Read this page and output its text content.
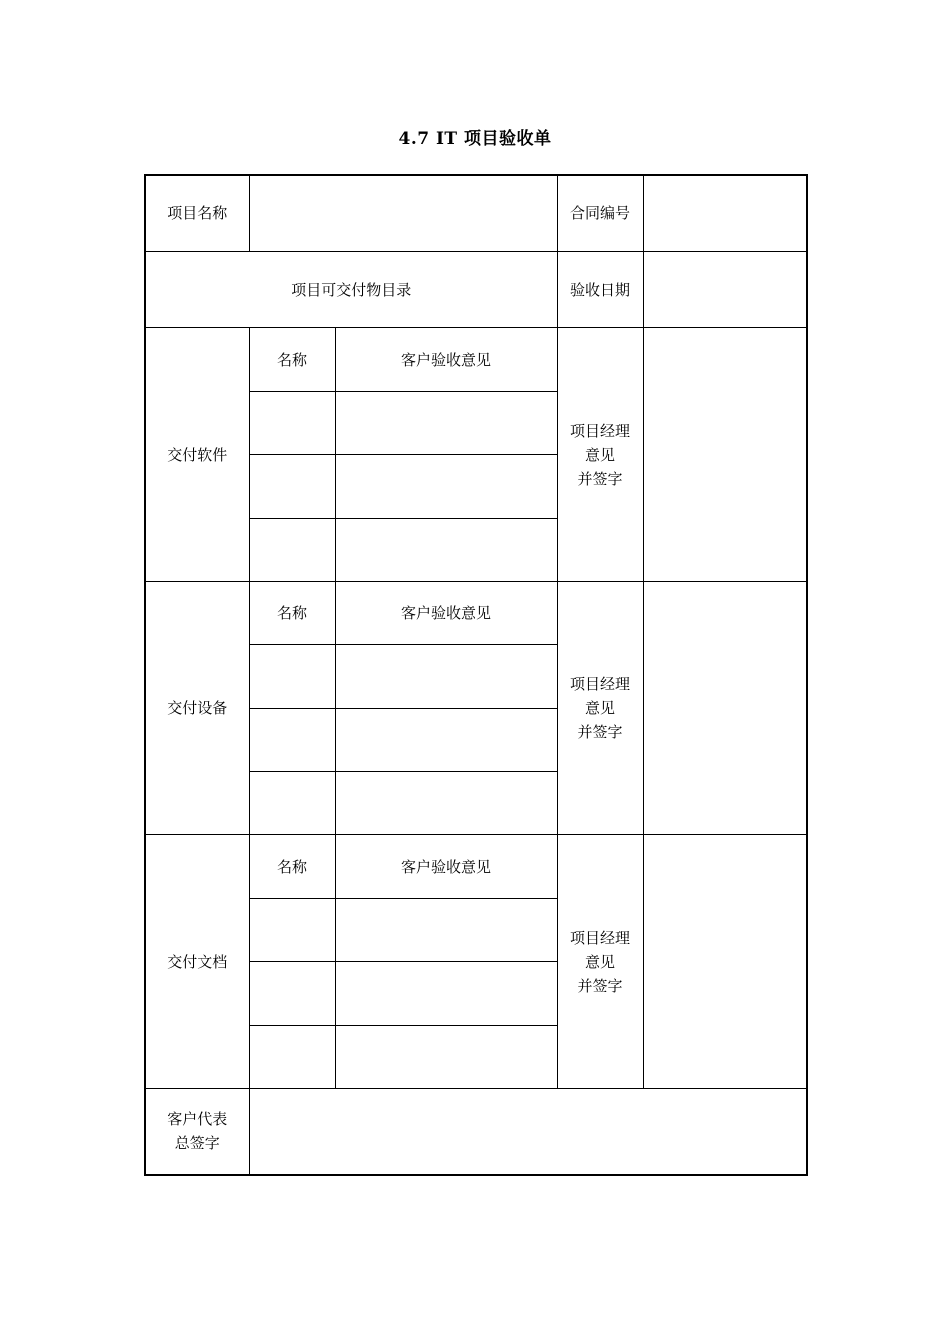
4.7 IT 项目验收单
项目名称			合同编号	
项目可交付物目录			验收日期	
交付软件	名称	客户验收意见	项目经理
意见
并签字	

交付设备	名称	客户验收意见	项目经理
意见
并签字	

交付文档	名称	客户验收意见	项目经理
意见
并签字	

客户代表
总签字				
